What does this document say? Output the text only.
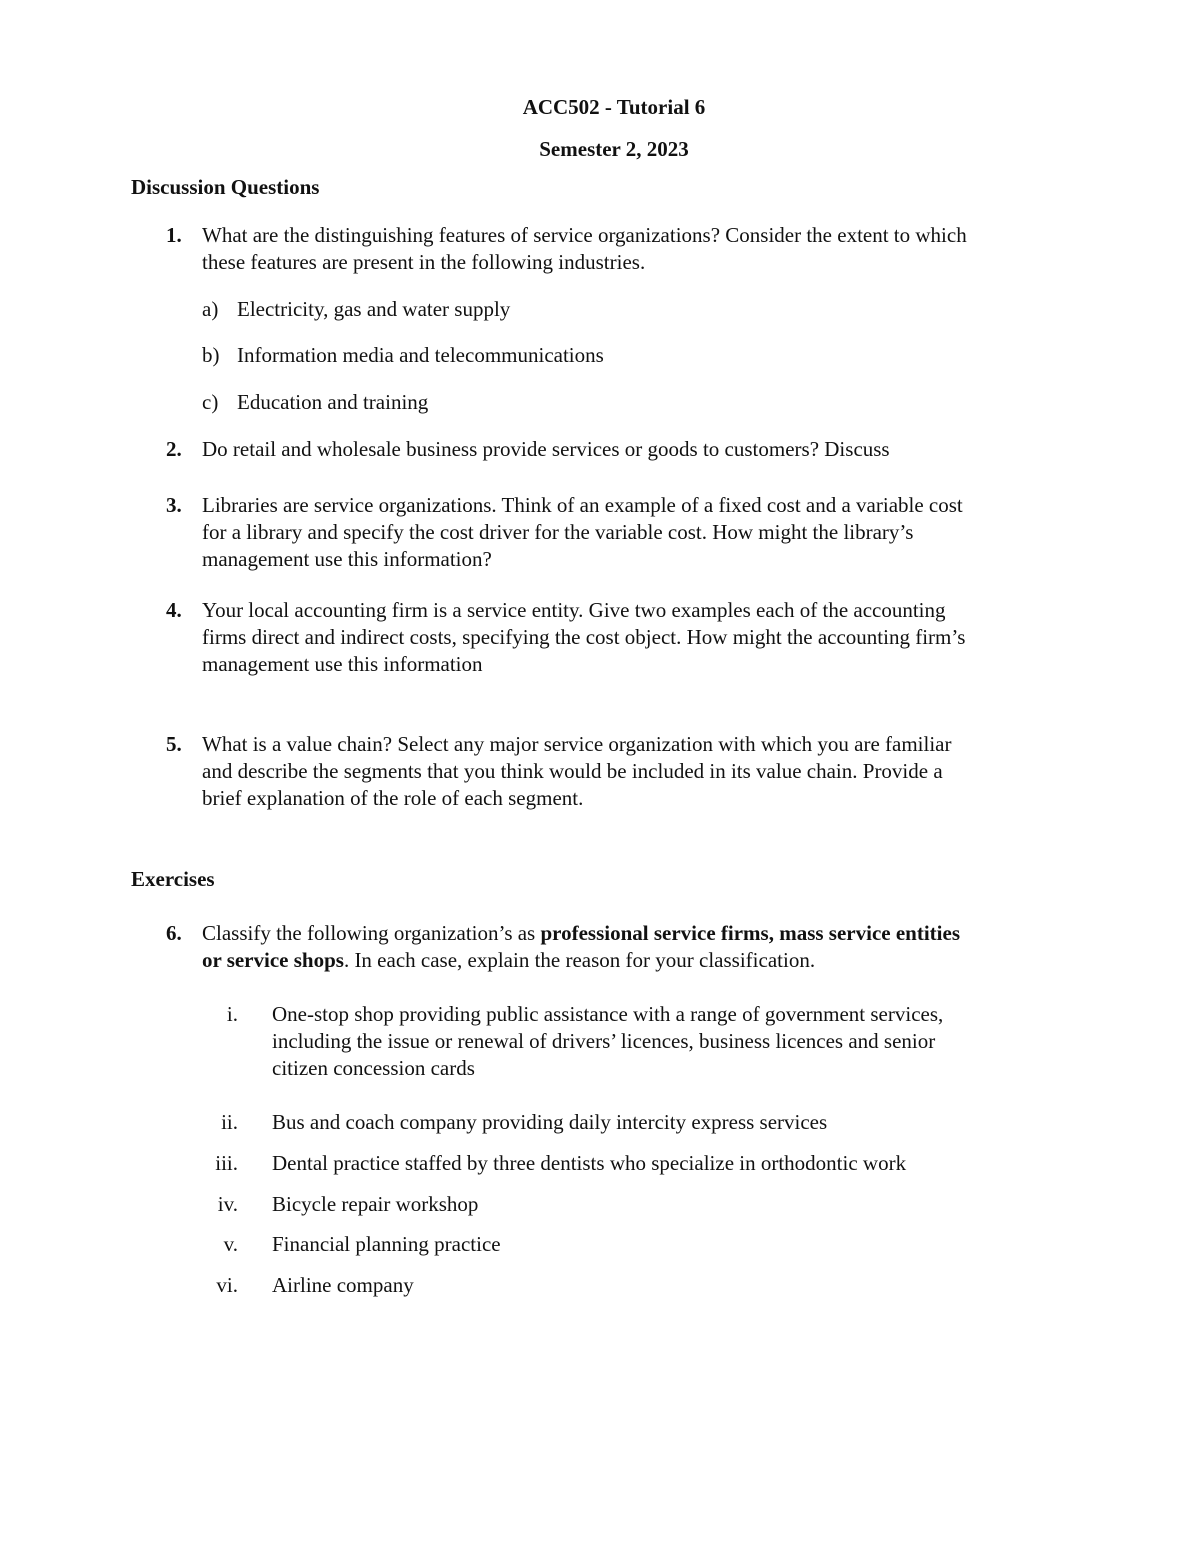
ACC502 - Tutorial 6
Semester 2, 2023
Discussion Questions
1. What are the distinguishing features of service organizations? Consider the extent to which
these features are present in the following industries.
a) Electricity, gas and water supply
b) Information media and telecommunications
c) Education and training
2. Do retail and wholesale business provide services or goods to customers? Discuss
3. Libraries are service organizations. Think of an example of a fixed cost and a variable cost
for a library and specify the cost driver for the variable cost. How might the library’s
management use this information?
4. Your local accounting firm is a service entity. Give two examples each of the accounting
firms direct and indirect costs, specifying the cost object. How might the accounting firm’s
management use this information
5. What is a value chain? Select any major service organization with which you are familiar
and describe the segments that you think would be included in its value chain. Provide a
brief explanation of the role of each segment.
Exercises
6. Classify the following organization’s as professional service firms, mass service entities
or service shops. In each case, explain the reason for your classification.
i. One-stop shop providing public assistance with a range of government services,
including the issue or renewal of drivers’ licences, business licences and senior
citizen concession cards
ii. Bus and coach company providing daily intercity express services
iii. Dental practice staffed by three dentists who specialize in orthodontic work
iv. Bicycle repair workshop
v. Financial planning practice
vi. Airline company
